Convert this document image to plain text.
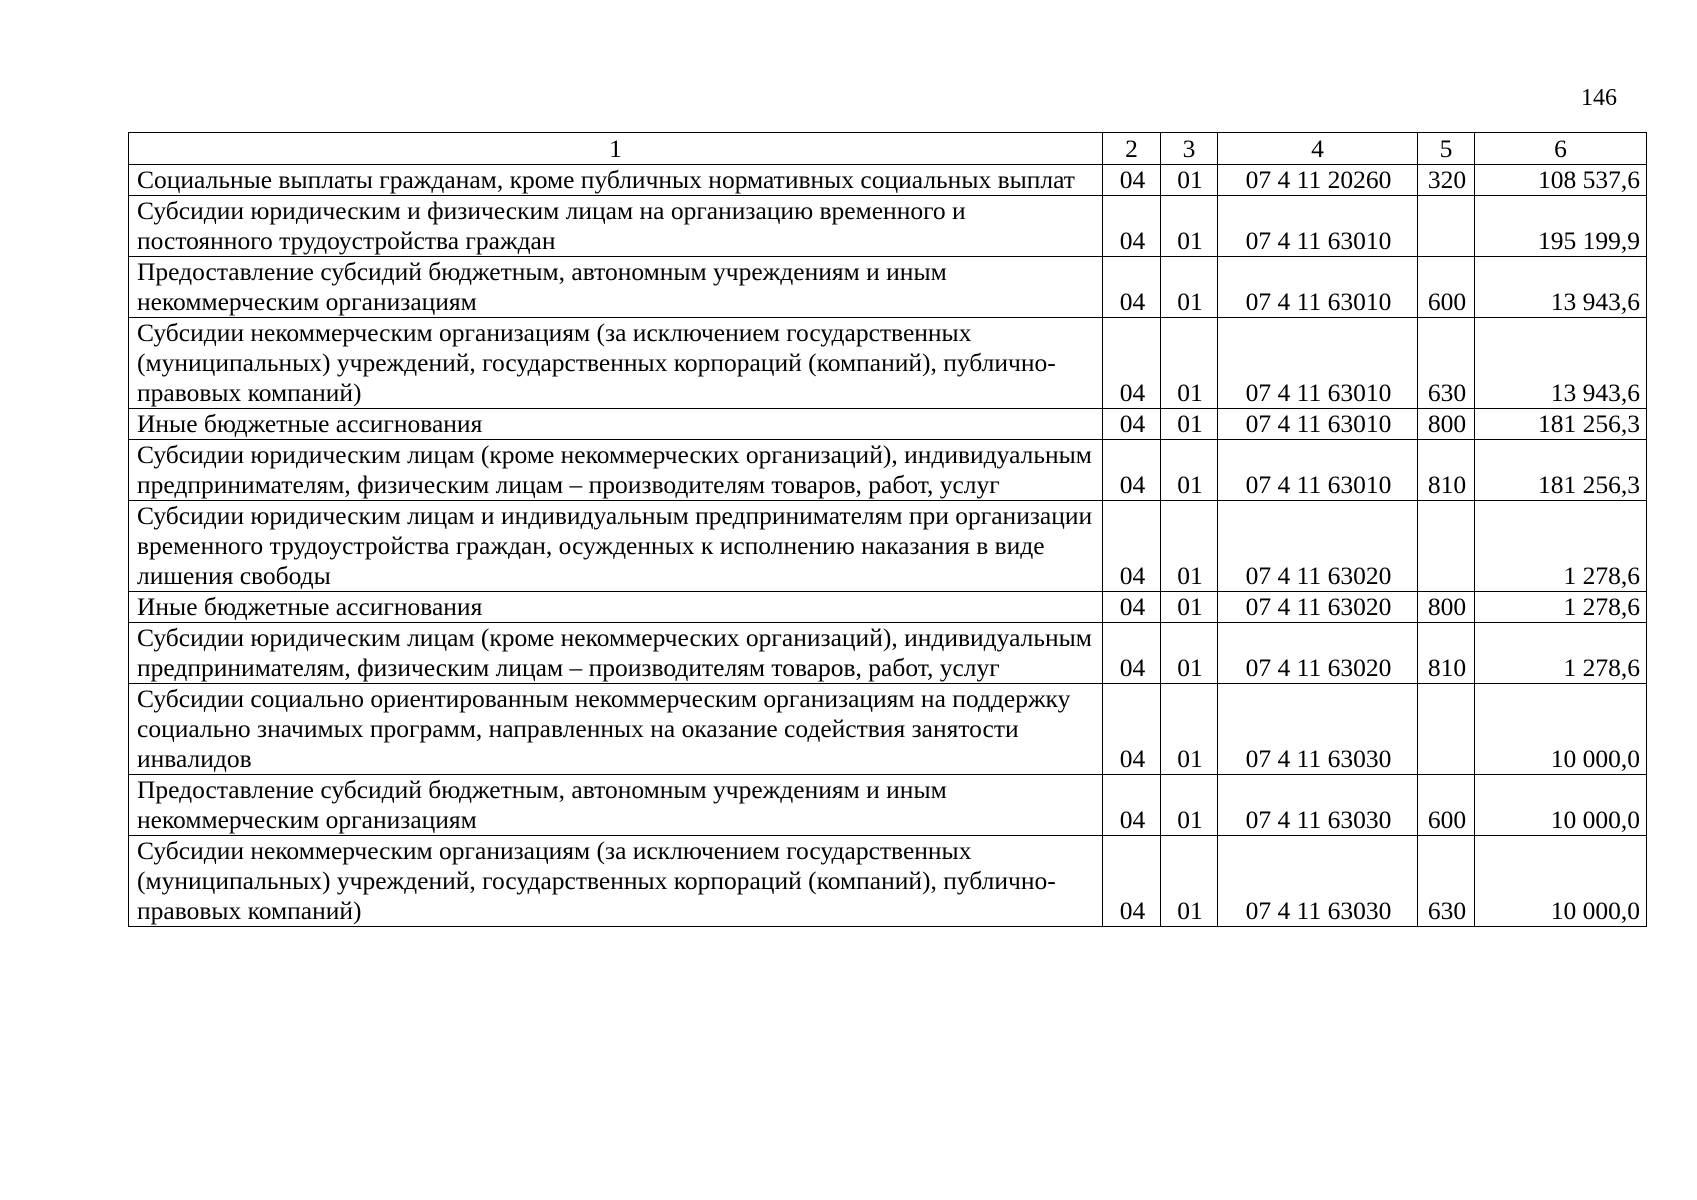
146
1	2	3	4	5	6
Социальные выплаты гражданам, кроме публичных нормативных социальных выплат	04	01	07 4 11 20260	320	108 537,6
Субсидии юридическим и физическим лицам на организацию временного и постоянного трудоустройства граждан	04	01	07 4 11 63010		195 199,9
Предоставление субсидий бюджетным, автономным учреждениям и иным некоммерческим организациям	04	01	07 4 11 63010	600	13 943,6
Субсидии некоммерческим организациям (за исключением государственных (муниципальных) учреждений, государственных корпораций (компаний), публично-правовых компаний)	04	01	07 4 11 63010	630	13 943,6
Иные бюджетные ассигнования	04	01	07 4 11 63010	800	181 256,3
Субсидии юридическим лицам (кроме некоммерческих организаций), индивидуальным предпринимателям, физическим лицам – производителям товаров, работ, услуг	04	01	07 4 11 63010	810	181 256,3
Субсидии юридическим лицам и индивидуальным предпринимателям при организации временного трудоустройства граждан, осужденных к исполнению наказания в виде лишения свободы	04	01	07 4 11 63020		1 278,6
Иные бюджетные ассигнования	04	01	07 4 11 63020	800	1 278,6
Субсидии юридическим лицам (кроме некоммерческих организаций), индивидуальным предпринимателям, физическим лицам – производителям товаров, работ, услуг	04	01	07 4 11 63020	810	1 278,6
Субсидии социально ориентированным некоммерческим организациям на поддержку социально значимых программ, направленных на оказание содействия занятости инвалидов	04	01	07 4 11 63030		10 000,0
Предоставление субсидий бюджетным, автономным учреждениям и иным некоммерческим организациям	04	01	07 4 11 63030	600	10 000,0
Субсидии некоммерческим организациям (за исключением государственных (муниципальных) учреждений, государственных корпораций (компаний), публично-правовых компаний)	04	01	07 4 11 63030	630	10 000,0
